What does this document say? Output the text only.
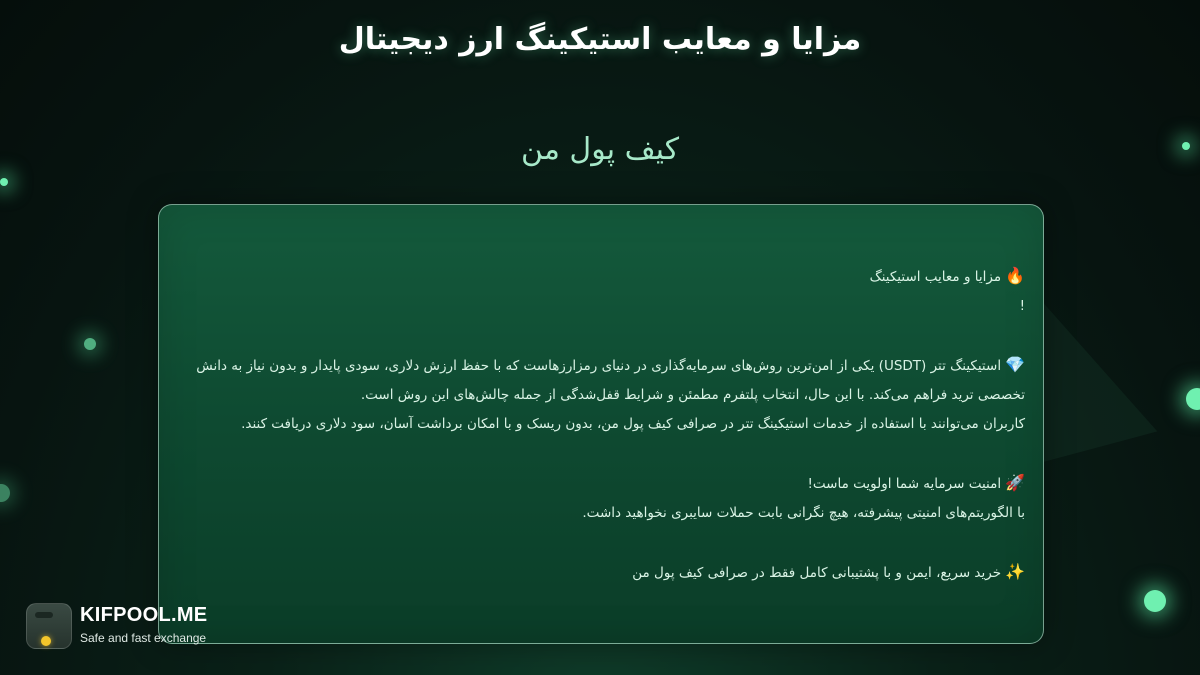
مزایا و معایب استیکینگ ارز دیجیتال
کیف پول من

🔥مزایا و معایب استیکینگ

!

💎استیکینگ تتر (USDT) یکی از امن‌ترین روش‌های سرمایه‌گذاری در دنیای رمزارزهاست که با حفظ ارزش دلاری، سودی پایدار و بدون نیاز به دانش

تخصصی ترید فراهم می‌کند. با این حال، انتخاب پلتفرم مطمئن و شرایط قفل‌شدگی از جمله چالش‌های این روش است.

کاربران می‌توانند با استفاده از خدمات استیکینگ تتر در صرافی کیف پول من، بدون ریسک و با امکان برداشت آسان، سود دلاری دریافت کنند.

🚀امنیت سرمایه شما اولویت ماست!

با الگوریتم‌های امنیتی پیشرفته، هیچ نگرانی بابت حملات سایبری نخواهید داشت.

✨خرید سریع، ایمن و با پشتیبانی کامل فقط در صرافی کیف پول من

KIFPOOL.ME
Safe and fast exchange
